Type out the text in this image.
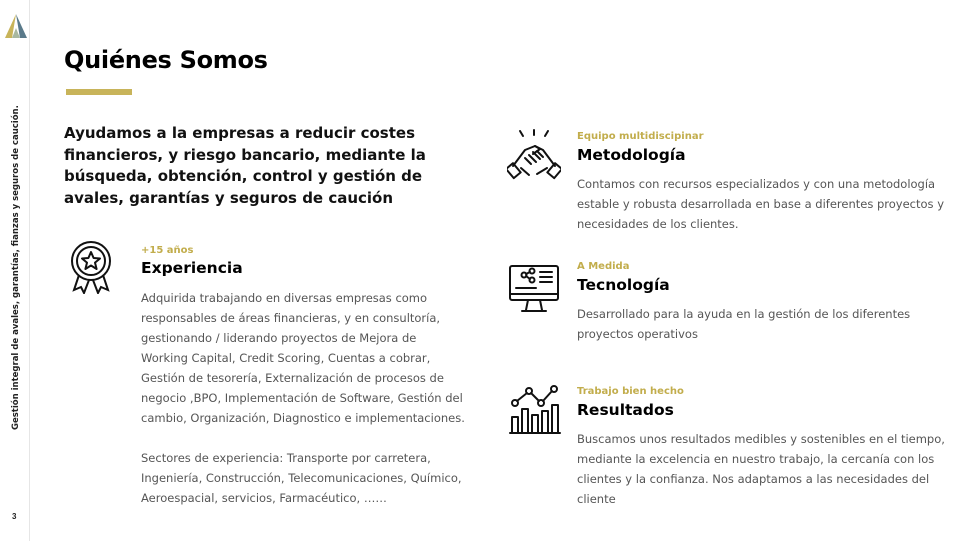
Gestión integral de avales, garantías, fianzas y seguros de caución.
3
Quiénes Somos
Ayudamos a la empresas a reducir costes financieros, y riesgo bancario, mediante la búsqueda, obtención, control y gestión de avales, garantías y seguros de caución
+15 años
Experiencia

Adquirida trabajando en diversas empresas como responsables de áreas financieras, y en consultoría, gestionando / liderando proyectos de Mejora de Working Capital, Credit Scoring, Cuentas a cobrar, Gestión de tesorería, Externalización de procesos de negocio ,BPO, Implementación de Software, Gestión del cambio, Organización, Diagnostico e implementaciones.

Sectores de experiencia: Transporte por carretera, Ingeniería, Construcción, Telecomunicaciones, Químico, Aeroespacial, servicios, Farmacéutico, ……

Equipo multidiscipinar
Metodología
Contamos con recursos especializados y con una metodología estable y robusta desarrollada en base a diferentes proyectos y necesidades de los clientes.
A Medida
Tecnología
Desarrollado para la ayuda en la gestión de los diferentes proyectos operativos
Trabajo bien hecho
Resultados
Buscamos unos resultados medibles y sostenibles en el tiempo, mediante la excelencia en nuestro trabajo, la cercanía con los clientes y la confianza. Nos adaptamos a las necesidades del cliente
